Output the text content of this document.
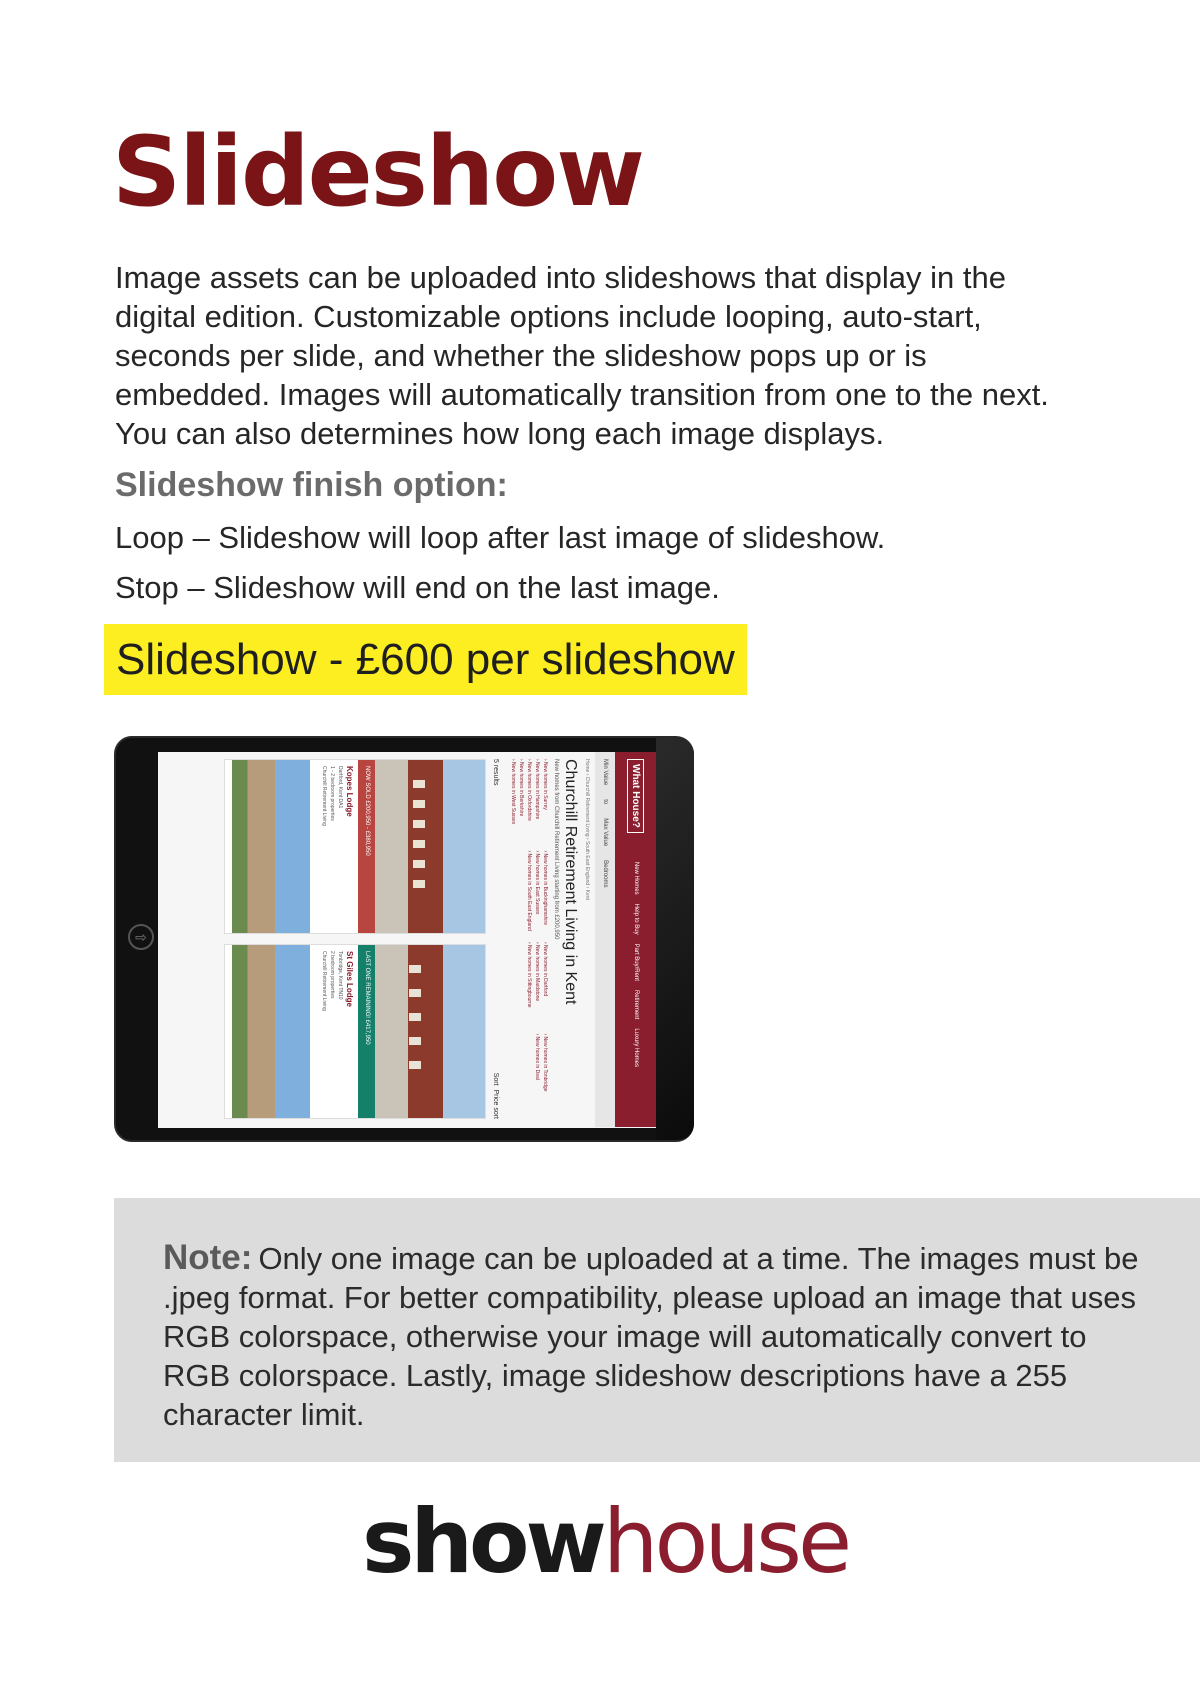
Slideshow

Image assets can be uploaded into slideshows that display in the digital edition. Customizable options include looping, auto-start, seconds per slide, and whether the slideshow pops up or is embedded. Images will automatically transition from one to the next. You can also determines how long each image displays.

Slideshow finish option:
Loop – Slideshow will loop after last image of slideshow.
Stop – Slideshow will end on the last image.
Slideshow - £600 per slideshow
⇨
What House?
New Homes
Help to Buy
Part Buy/Rent
Retirement
Luxury Homes
Min Value
to
Max Value
Bedrooms
Home › Churchill Retirement Living › South East England › Kent
Churchill Retirement Living in Kent
New homes from Churchill Retirement Living starting from £200,950
› New homes in Surrey
› New homes in Hampshire
› New homes in Oxfordshire
› New homes in Berkshire
› New homes in West Sussex
› New homes in Buckinghamshire
› New homes in East Sussex
› New homes in South East England
› New homes in Dartford
› New homes in Maidstone
› New homes in Sittingbourne
› New homes in Tonbridge
› New homes in Deal
5 results
Sort  Price sort
NOW SOLD £200,950 - £380,950
Kopes Lodge
Dartford, Kent DA1
1 - 2 bedroom properties
Churchill Retirement Living
LAST ONE REMAINING! £417,950
St Giles Lodge
Tonbridge, Kent TN10
2 bedroom properties
Churchill Retirement Living
Note: Only one image can be uploaded at a time. The images must be .jpeg format. For better compatibility, please upload an image that uses RGB colorspace, otherwise your image will automatically convert to RGB colorspace. Lastly, image slideshow descriptions have a 255 character limit.
showhouse
